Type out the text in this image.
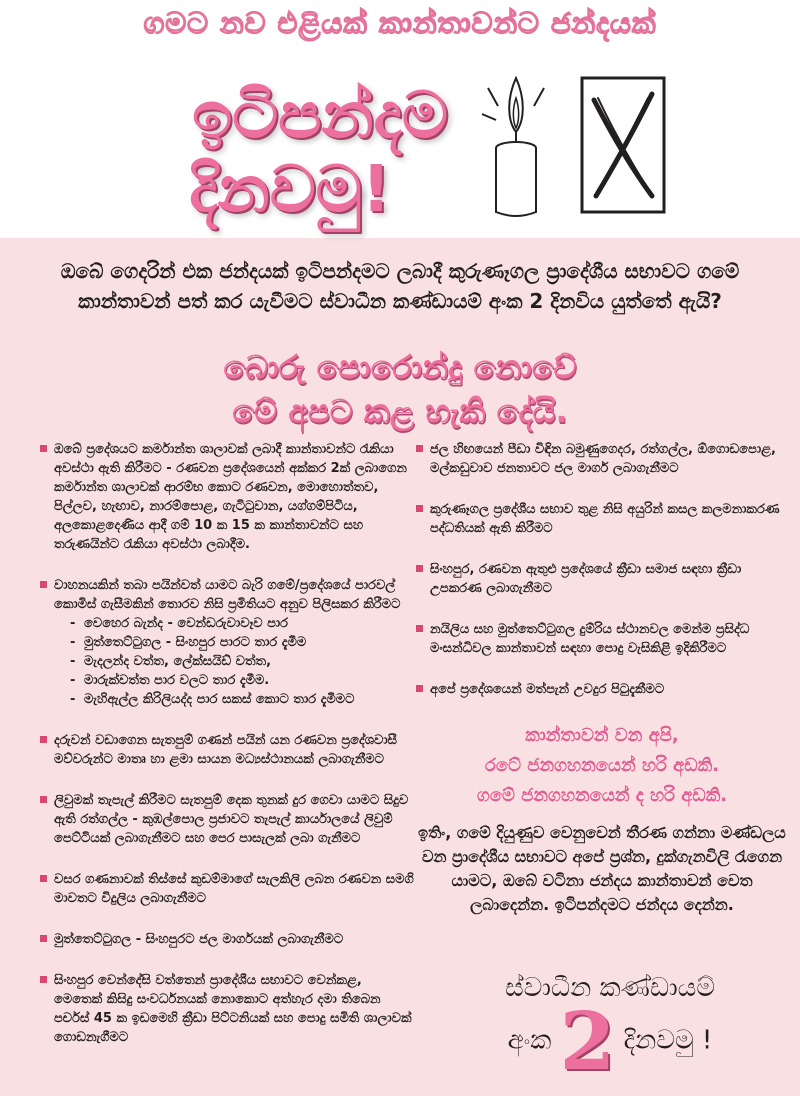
ගමට නව එළියක් කාන්තාවන්ට ජන්දයක්
ඉටිපන්දම
දිනවමු!
ඔබේ ගෙදරින් එක ජන්දයක් ඉටිපන්දමට ලබාදී කුරුණෑගල ප්‍රාදේශීය සභාවට ගමේ කාන්තාවන් පත් කර යැවීමට ස්වාධීන කණ්ඩායම් අංක 2 දිනවිය යුත්තේ ඇයි?
බොරු පොරොන්දු නොවේ
මේ අපට කළ හැකි දේයි.
ඔබේ ප්‍රදේශයට කර්මාන්ත ශාලාවක් ලබාදී කාන්තාවන්ට රැකියා අවස්ථා ඇති කිරීමට - රණවන ප්‍රදේශයෙන් අක්කර 2ක් ලබාගෙන කර්මාන්ත ශාලාවක් ආරම්භ කොට රණවන, මොහොත්තව, පිල්ලව, හැඟාව, නාරම්පොළ, ගැටිටුවාන, යග්ගම්පිටිය, අලකොළදෙණිය ආදී ගම් 10 ක 15 ක කාන්තාවන්ට සහ තරුණයින්ට රැකියා අවස්ථා ලබාදීම.
වාහනයකින් තබා පයින්වත් යාමට බැරි ගමේ/ප්‍රදේශයේ පාරවල් කොමිස් ගැසීමකින් තොරව නිසි ප්‍රමිතියට අනුව පිලිසකර කිරීමට
- වෙහෙර බැන්ද - වෙන්ඩරුවාවෑව පාර
- මුත්තෙට්ටුගල - සිංහපුර පාරට තාර දැමීම
- මැදලන්ද වත්ත, ලේක්සයිඩ් වත්ත,
- මාරුක්වත්ත පාර වලට තාර දැමීම.
- මැහිඇල්ල කිරිලියද්ද පාර සකස් කොට තාර දැමීමට
දරුවන් වඩාගෙන සැතපුම් ගණන් පයින් යන රණවන ප්‍රදේශවාසී මව්වරුන්ට මාතෘ හා ළමා සායන මධ්‍යස්ථානයක් ලබාගැනීමට
ලිවුමක් තැපැල් කිරීමට සැතපුම් දෙක තුනක් දුර ගෙවා යාමට සිදුව ඇති රත්ගල්ල - කුඹල්පොල ප්‍රජාවට තැපැල් කාර්යාලයේ ලිවුම් පෙට්ටියක් ලබාගැනීමට සහ පෙර පාසැලක් ලබා ගැනීමට
වසර ගණනාවක් තිස්සේ කුඩම්මාගේ සැලකිලි ලබන රණවන සමගි මාවතට විදුලිය ලබාගැනීමට
මුත්තෙට්ටුගල - සිංහපුරට ජල මාර්ගයක් ලබාගැනීමට
සිංහපුර වෙන්දේසි වත්තෙන් ප්‍රාදේශීය සභාවට වෙන්කළ, මෙතෙක් කිසිදු සංවර්ධනයක් නොකොට අත්හැර දමා තිබෙන පර්චස් 45 ක ඉඩමෙහි ක්‍රීඩා පිට්ටනියක් සහ පොදු සමිති ශාලාවක් ගොඩනැගීමට
ජල හිඟයෙන් පීඩා විඳින බමුණුගෙදර, රත්ගල්ල, ඕගොඩපොළ, මල්කඩුවාව ජනතාවට ජල මාර්ග ලබාගැනීමට
කුරුණෑගල ප්‍රදේශීය සභාව තුළ නිසි අයුරින් කසල කලමනාකරණ පද්ධතියක් ඇති කිරීමට
සිංහපුර, රණවන ඇතුළු ප්‍රදේශයේ ක්‍රීඩා සමාජ සඳහා ක්‍රීඩා උපකරණ ලබාගැනීමට
නයිලිය සහ මුත්තෙට්ටුගල දුම්රිය ස්ථානවල මෙන්ම ප්‍රසිද්ධ මංසන්ධිවල කාන්තාවන් සඳහා පොදු වැසිකිළි ඉදිකිරීමට
අපේ ප්‍රදේශයෙන් මත්පැන් උවදුර පිටුදැකීමට
කාන්තාවන් වන අපි,
රටේ ජනගහනයෙන් හරි අඩකි.
ගමේ ජනගහනයෙන් ද හරි අඩකි.
ඉතිං, ගමේ දියුණුව වෙනුවෙන් තීරණ ගන්නා මණ්ඩලය වන ප්‍රාදේශීය සභාවට අපේ ප්‍රශ්න, දුක්ගැනවිලි රැගෙන යාමට, ඔබේ වටිනා ජන්දය කාන්තාවන් වෙත ලබාදෙන්න. ඉටිපන්දමට ජන්දය දෙන්න.
ස්වාධීන කණ්ඩායම්
අංක 2 දිනවමු !
